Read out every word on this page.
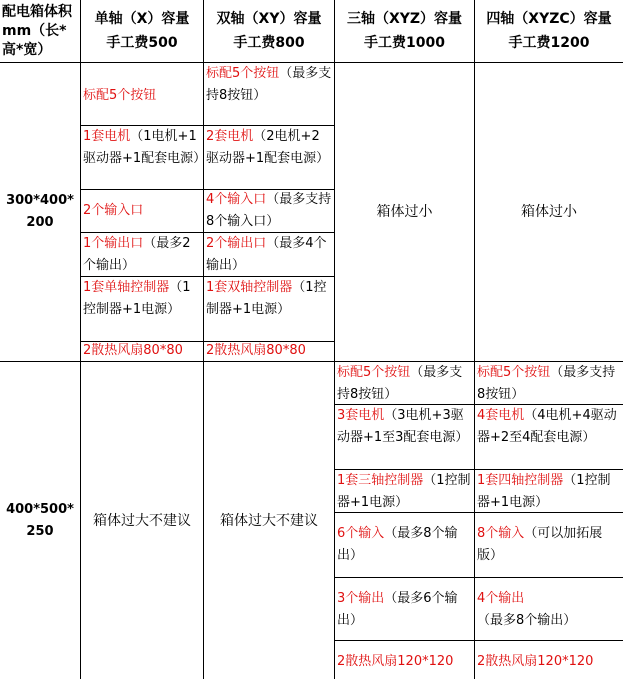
配电箱体积mm（长*高*宽）
单轴（X）容量
手工费500
双轴（XY）容量
手工费800
三轴（XYZ）容量
手工费1000
四轴（XYZC）容量
手工费1200
300*400*200
标配5个按钮
1套电机（1电机+1驱动器+1配套电源）
2个输入口
1个输出口（最多2个输出）
1套单轴控制器（1控制器+1电源）
2散热风扇80*80
标配5个按钮（最多支持8按钮）
2套电机（2电机+2驱动器+1配套电源）
4个输入口（最多支持8个输入口）
2个输出口（最多4个输出）
1套双轴控制器（1控制器+1电源）
2散热风扇80*80
箱体过小	箱体过小
400*500*250
箱体过大不建议 箱体过大不建议
标配5个按钮（最多支持8按钮）
3套电机（3电机+3驱动器+1至3配套电源）
1套三轴控制器（1控制器+1电源）
6个输入（最多8个输出）
3个输出（最多6个输出）
2散热风扇120*120
标配5个按钮（最多支持8按钮）
4套电机（4电机+4驱动器+2至4配套电源）
1套四轴控制器（1控制器+1电源）
8个输入（可以加拓展版）
4个输出（最多8个输出）
2散热风扇120*120
